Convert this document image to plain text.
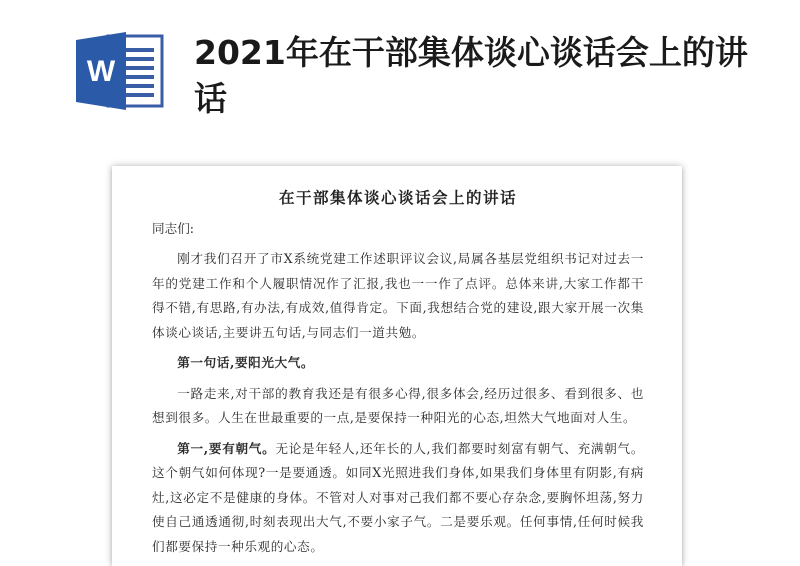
W 2021年在干部集体谈心谈话会上的讲话
在干部集体谈心谈话会上的讲话

同志们:

刚才我们召开了市X系统党建工作述职评议会议,局属各基层党组织书记对过去一年的党建工作和个人履职情况作了汇报,我也一一作了点评。总体来讲,大家工作都干得不错,有思路,有办法,有成效,值得肯定。下面,我想结合党的建设,跟大家开展一次集体谈心谈话,主要讲五句话,与同志们一道共勉。

第一句话,要阳光大气。

一路走来,对干部的教育我还是有很多心得,很多体会,经历过很多、看到很多、也想到很多。人生在世最重要的一点,是要保持一种阳光的心态,坦然大气地面对人生。

第一,要有朝气。无论是年轻人,还年长的人,我们都要时刻富有朝气、充满朝气。这个朝气如何体现?一是要通透。如同X光照进我们身体,如果我们身体里有阴影,有病灶,这必定不是健康的身体。不管对人对事对己我们都不要心存杂念,要胸怀坦荡,努力使自己通透通彻,时刻表现出大气,不要小家子气。二是要乐观。任何事情,任何时候我们都要保持一种乐观的心态。
